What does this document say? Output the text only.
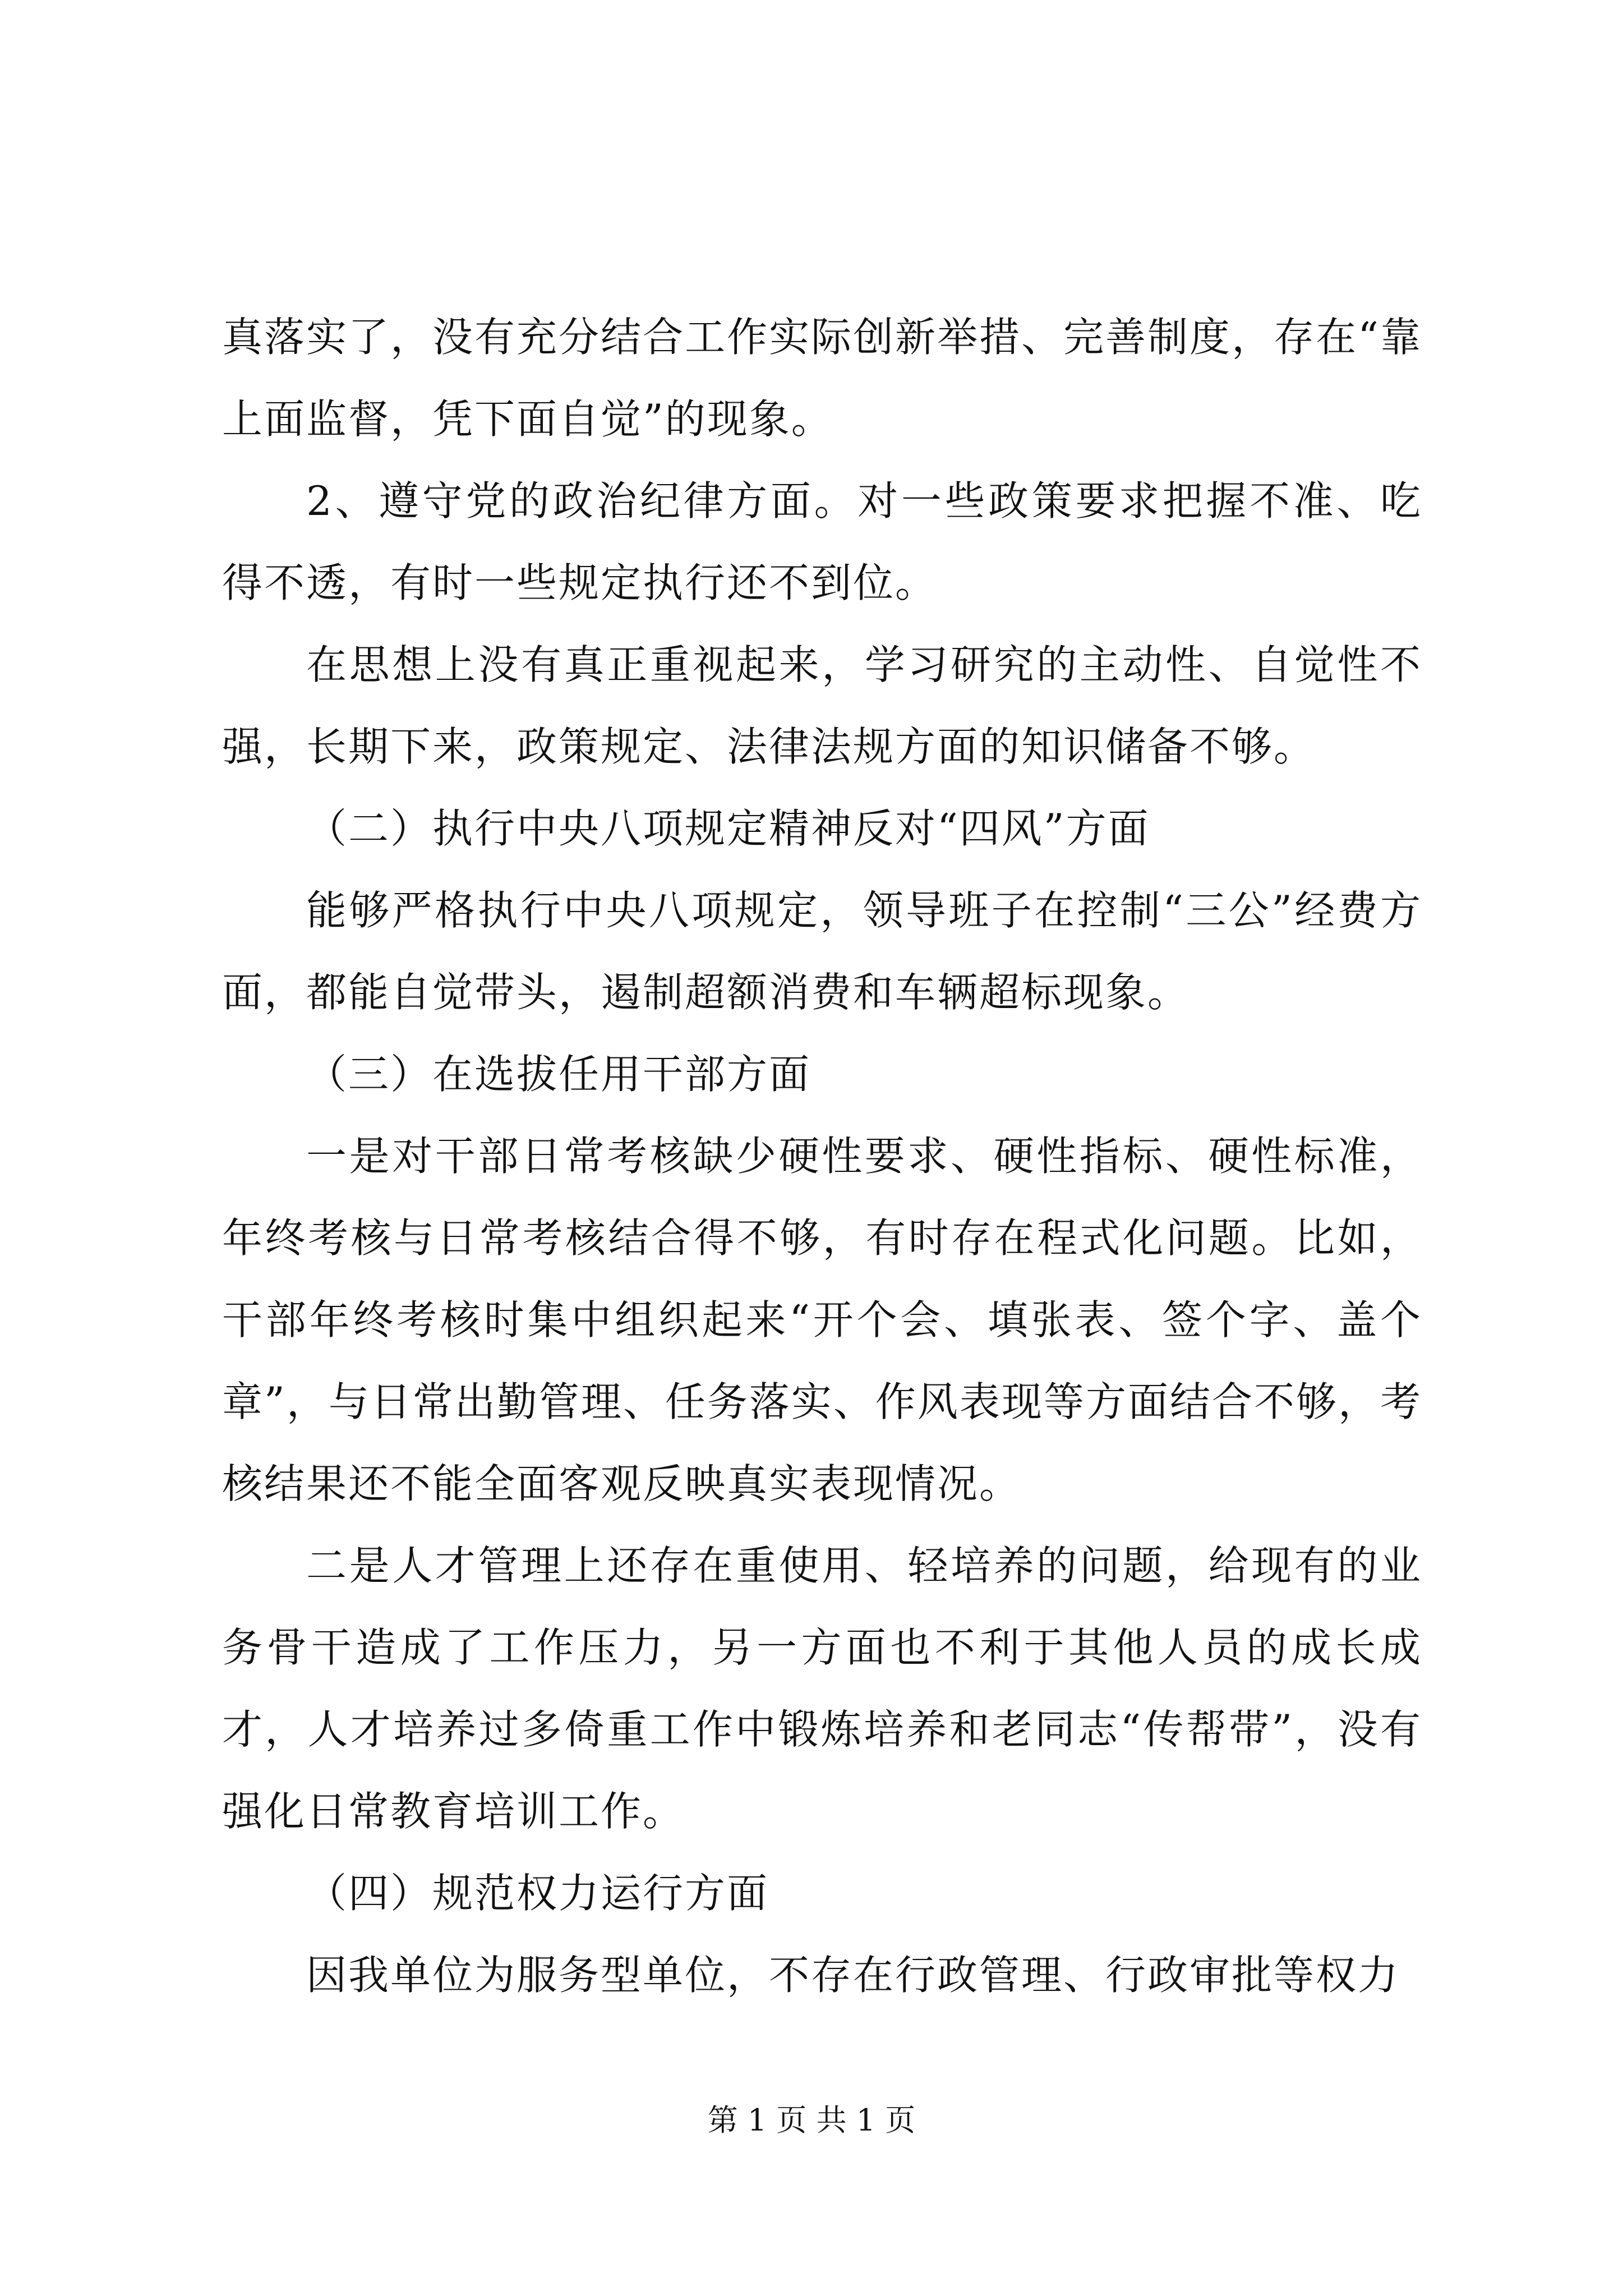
真落实了，没有充分结合工作实际创新举措、完善制度，存在“靠上面监督，凭下面自觉”的现象。

2、遵守党的政治纪律方面。对一些政策要求把握不准、吃得不透，有时一些规定执行还不到位。

在思想上没有真正重视起来，学习研究的主动性、自觉性不强，长期下来，政策规定、法律法规方面的知识储备不够。

（二）执行中央八项规定精神反对“四风”方面

能够严格执行中央八项规定，领导班子在控制“三公”经费方面，都能自觉带头，遏制超额消费和车辆超标现象。

（三）在选拔任用干部方面

一是对干部日常考核缺少硬性要求、硬性指标、硬性标准，年终考核与日常考核结合得不够，有时存在程式化问题。比如，干部年终考核时集中组织起来“开个会、填张表、签个字、盖个章”，与日常出勤管理、任务落实、作风表现等方面结合不够，考核结果还不能全面客观反映真实表现情况。

二是人才管理上还存在重使用、轻培养的问题，给现有的业务骨干造成了工作压力，另一方面也不利于其他人员的成长成才，人才培养过多倚重工作中锻炼培养和老同志“传帮带”，没有强化日常教育培训工作。

（四）规范权力运行方面

因我单位为服务型单位，不存在行政管理、行政审批等权力

第 1 页 共 1 页
